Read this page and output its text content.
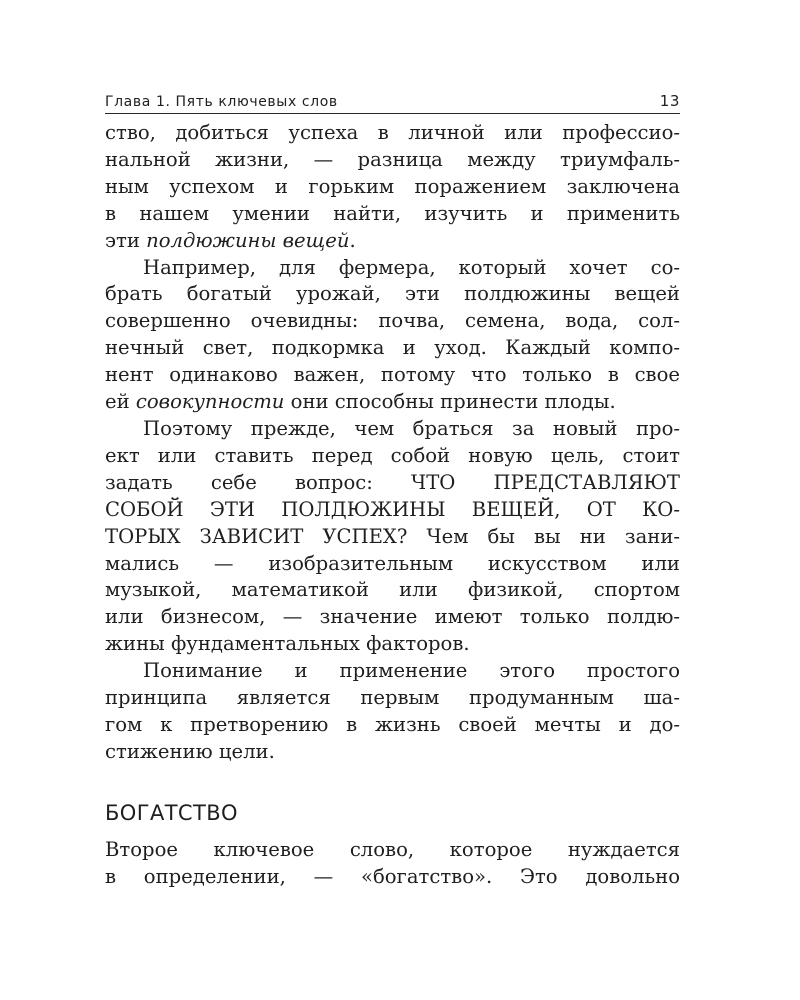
Глава 1. Пять ключевых слов	13

ство, добиться успеха в личной или профессио-
нальной жизни, — разница между триумфаль-
ным успехом и горьким поражением заключена
в нашем умении найти, изучить и применить
эти полдюжины вещей.

Например, для фермера, который хочет со-
брать богатый урожай, эти полдюжины вещей
совершенно очевидны: почва, семена, вода, сол-
нечный свет, подкормка и уход. Каждый компо-
нент одинаково важен, потому что только в свое
ей совокупности они способны принести плоды.

Поэтому прежде, чем браться за новый про-
ект или ставить перед собой новую цель, стоит
задать себе вопрос: ЧТО ПРЕДСТАВЛЯЮТ
СОБОЙ ЭТИ ПОЛДЮЖИНЫ ВЕЩЕЙ, ОТ КО-
ТОРЫХ ЗАВИСИТ УСПЕХ? Чем бы вы ни зани-
мались — изобразительным искусством или
музыкой, математикой или физикой, спортом
или бизнесом, — значение имеют только полдю-
жины фундаментальных факторов.

Понимание и применение этого простого
принципа является первым продуманным ша-
гом к претворению в жизнь своей мечты и до-
стижению цели.

БОГАТСТВО

Второе ключевое слово, которое нуждается
в определении, — «богатство». Это довольно
